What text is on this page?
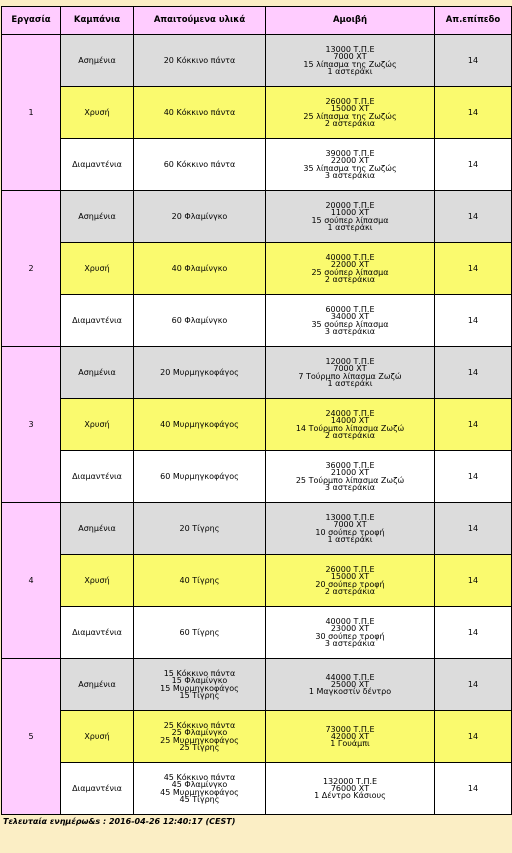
Εργασία	Καμπάνια	Απαιτούμενα υλικά	Αμοιβή	Απ.επίπεδο
1	Ασημένια	20 Κόκκινο πάντα	13000 Τ.Π.Ε
7000 ΧΤ
15 λίπασμα της Ζωζώς
1 αστεράκι	14
	Χρυσή	40 Κόκκινο πάντα	26000 Τ.Π.Ε
15000 ΧΤ
25 λίπασμα της Ζωζώς
2 αστεράκια	14
	Διαμαντένια	60 Κόκκινο πάντα	39000 Τ.Π.Ε
22000 ΧΤ
35 λίπασμα της Ζωζώς
3 αστεράκια	14
2	Ασημένια	20 Φλαμίνγκο	20000 Τ.Π.Ε
11000 ΧΤ
15 σούπερ λίπασμα
1 αστεράκι	14
	Χρυσή	40 Φλαμίνγκο	40000 Τ.Π.Ε
22000 ΧΤ
25 σούπερ λίπασμα
2 αστεράκια	14
	Διαμαντένια	60 Φλαμίνγκο	60000 Τ.Π.Ε
34000 ΧΤ
35 σούπερ λίπασμα
3 αστεράκια	14
3	Ασημένια	20 Μυρμηγκοφάγος	12000 Τ.Π.Ε
7000 ΧΤ
7 Τούρμπο λίπασμα Ζωζώ
1 αστεράκι	14
	Χρυσή	40 Μυρμηγκοφάγος	24000 Τ.Π.Ε
14000 ΧΤ
14 Τούρμπο λίπασμα Ζωζώ
2 αστεράκια	14
	Διαμαντένια	60 Μυρμηγκοφάγος	36000 Τ.Π.Ε
21000 ΧΤ
25 Τούρμπο λίπασμα Ζωζώ
3 αστεράκια	14
4	Ασημένια	20 Τίγρης	13000 Τ.Π.Ε
7000 ΧΤ
10 σούπερ τροφή
1 αστεράκι	14
	Χρυσή	40 Τίγρης	26000 Τ.Π.Ε
15000 ΧΤ
20 σούπερ τροφή
2 αστεράκια	14
	Διαμαντένια	60 Τίγρης	40000 Τ.Π.Ε
23000 ΧΤ
30 σούπερ τροφή
3 αστεράκια	14
5	Ασημένια	15 Κόκκινο πάντα
15 Φλαμίνγκο
15 Μυρμηγκοφάγος
15 Τίγρης	44000 Τ.Π.Ε
25000 ΧΤ
1 Μαγκοστίν δέντρο	14
	Χρυσή	25 Κόκκινο πάντα
25 Φλαμίνγκο
25 Μυρμηγκοφάγος
25 Τίγρης	73000 Τ.Π.Ε
42000 ΧΤ
1 Γουάμπι	14
	Διαμαντένια	45 Κόκκινο πάντα
45 Φλαμίνγκο
45 Μυρμηγκοφάγος
45 Τίγρης	132000 Τ.Π.Ε
76000 ΧΤ
1 Δέντρο Κάσιους	14
Τελευταία ενημέρω&s : 2016-04-26 12:40:17 (CEST)
